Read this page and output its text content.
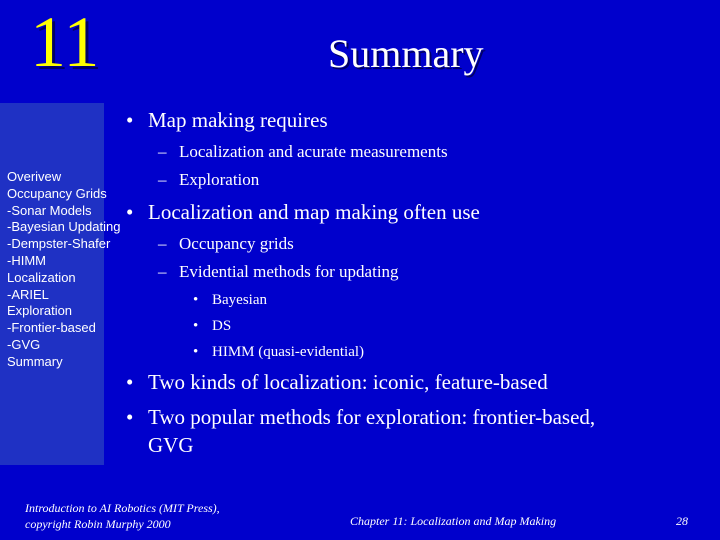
11	Summary
Overivew
Occupancy Grids
-Sonar Models
-Bayesian Updating
-Dempster-Shafer
-HIMM
Localization
-ARIEL
Exploration
-Frontier-based
-GVG
Summary
• Map making requires
– Localization and acurate measurements
– Exploration
• Localization and map making often use
– Occupancy grids
– Evidential methods for updating
• Bayesian
• DS
• HIMM (quasi-evidential)
• Two kinds of localization: iconic, feature-based
• Two popular methods for exploration: frontier-based,
GVG
Introduction to AI Robotics (MIT Press),
copyright Robin Murphy 2000	Chapter 11: Localization and Map Making	28
